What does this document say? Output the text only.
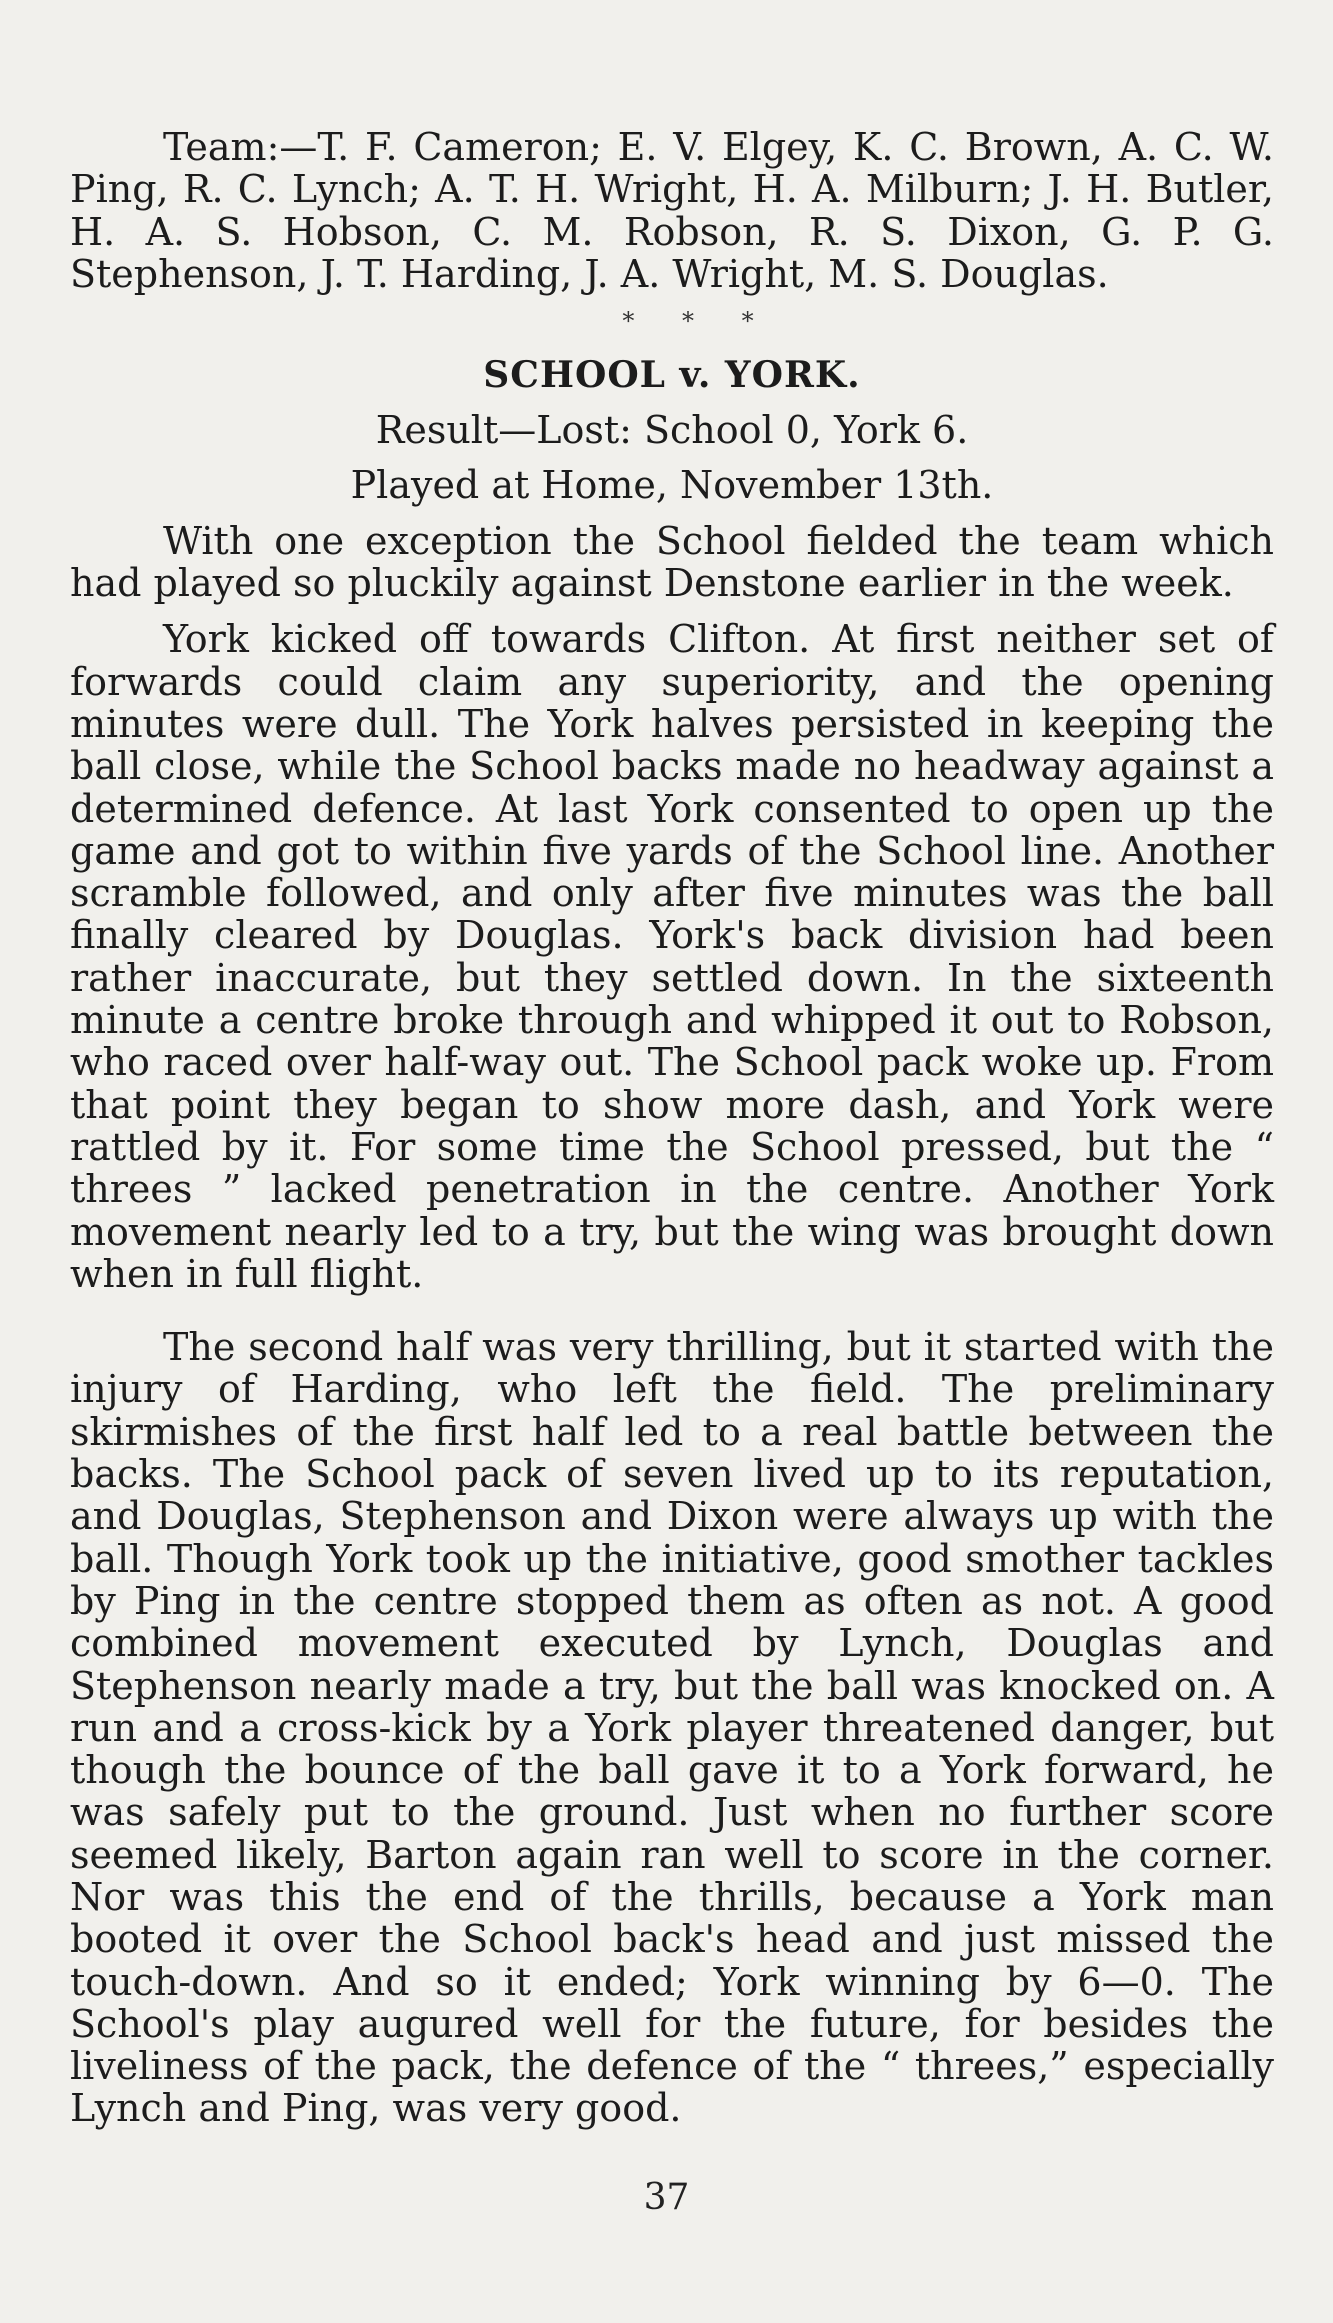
Team:—T. F. Cameron; E. V. Elgey, K. C. Brown, A. C. W. Ping, R. C. Lynch; A. T. H. Wright, H. A. Milburn; J. H. Butler, H. A. S. Hobson, C. M. Robson, R. S. Dixon, G. P. G. Stephenson, J. T. Harding, J. A. Wright, M. S. Douglas.

* * *
SCHOOL v. YORK.
Result—Lost: School 0, York 6.
Played at Home, November 13th.

With one exception the School fielded the team which had played so pluckily against Denstone earlier in the week.

York kicked off towards Clifton. At first neither set of forwards could claim any superiority, and the opening minutes were dull. The York halves persisted in keeping the ball close, while the School backs made no headway against a determined defence. At last York consented to open up the game and got to within five yards of the School line. Another scramble followed, and only after five minutes was the ball finally cleared by Douglas. York's back division had been rather inaccurate, but they settled down. In the sixteenth minute a centre broke through and whipped it out to Robson, who raced over half-way out. The School pack woke up. From that point they began to show more dash, and York were rattled by it. For some time the School pressed, but the “ threes ” lacked penetration in the centre. Another York movement nearly led to a try, but the wing was brought down when in full flight.

The second half was very thrilling, but it started with the injury of Harding, who left the field. The preliminary skirmishes of the first half led to a real battle between the backs. The School pack of seven lived up to its reputation, and Douglas, Stephenson and Dixon were always up with the ball. Though York took up the initiative, good smother tackles by Ping in the centre stopped them as often as not. A good combined movement executed by Lynch, Douglas and Stephenson nearly made a try, but the ball was knocked on. A run and a cross-kick by a York player threatened danger, but though the bounce of the ball gave it to a York forward, he was safely put to the ground. Just when no further score seemed likely, Barton again ran well to score in the corner. Nor was this the end of the thrills, because a York man booted it over the School back's head and just missed the touch-down. And so it ended; York winning by 6—0. The School's play augured well for the future, for besides the liveliness of the pack, the defence of the “ threes,” especially Lynch and Ping, was very good.

37
